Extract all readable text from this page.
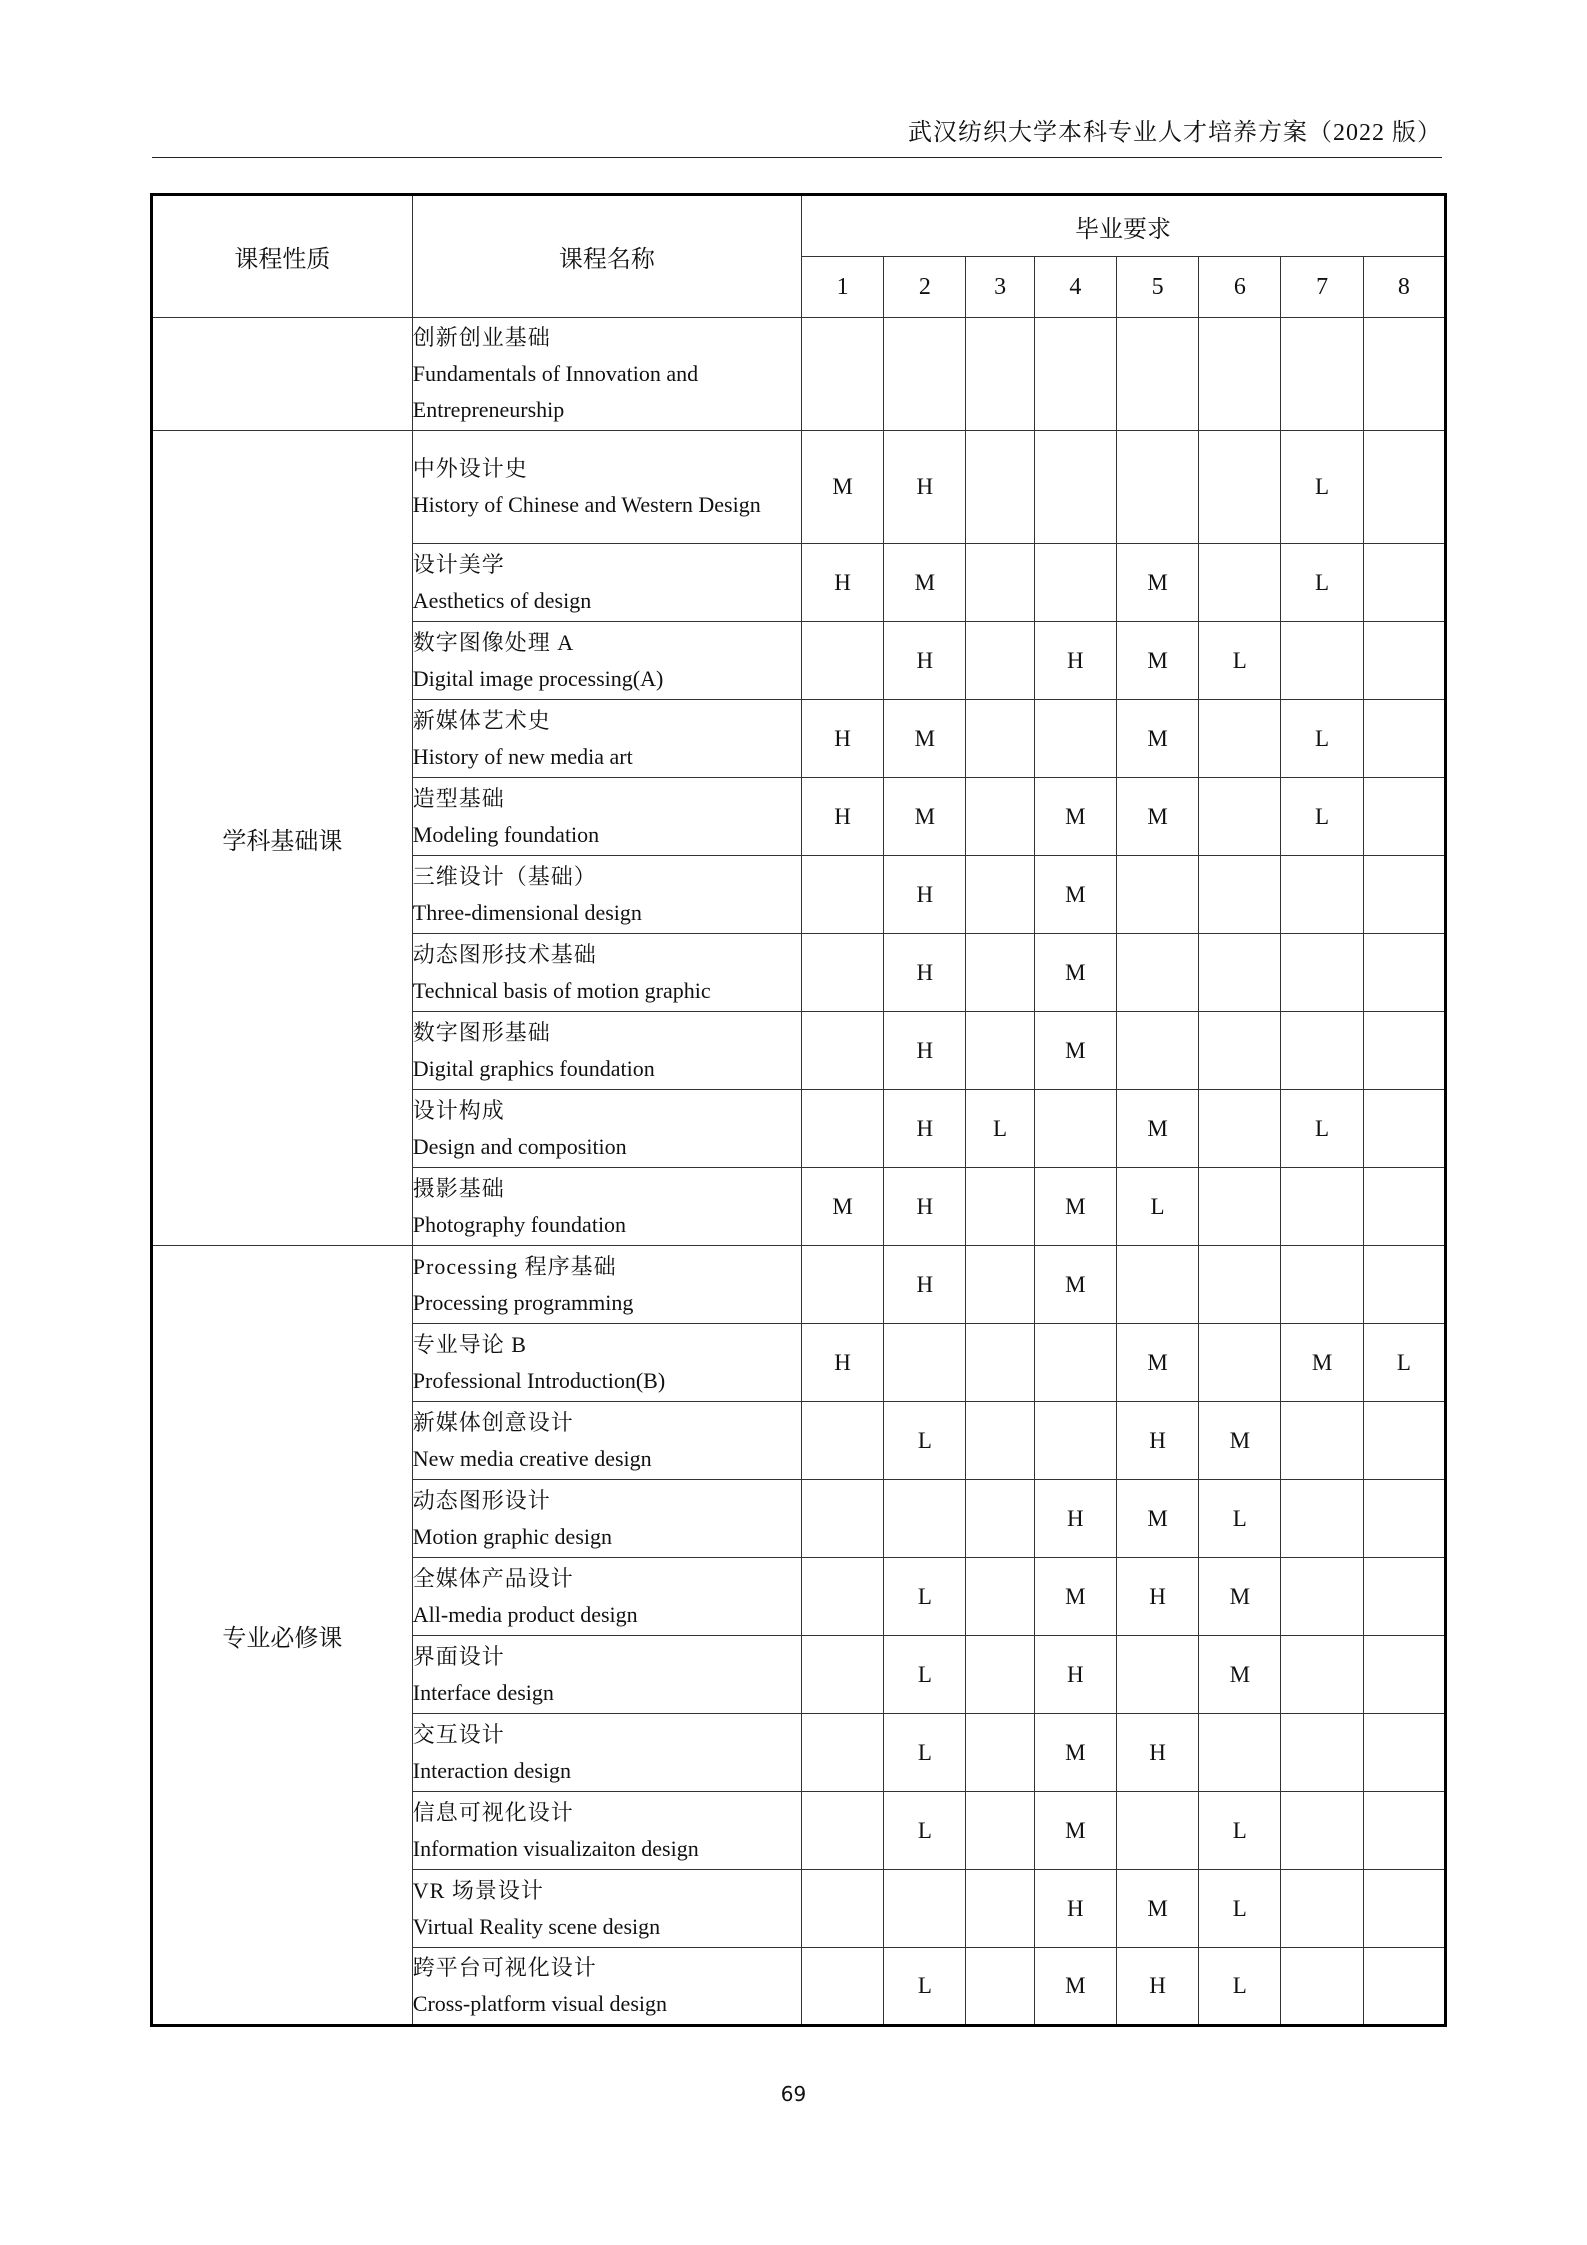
武汉纺织大学本科专业人才培养方案（2022 版）
课程性质	课程名称	毕业要求							
		1	2	3	4	5	6	7	8

	创新创业基础
Fundamentals of Innovation and Entrepreneurship								

学科基础课	中外设计史
History of Chinese and Western Design	M	H					L	

	设计美学
Aesthetics of design	H	M			M		L	

	数字图像处理 A
Digital image processing(A)		H		H	M	L		

	新媒体艺术史
History of new media art	H	M			M		L	

	造型基础
Modeling foundation	H	M		M	M		L	

	三维设计（基础）
Three-dimensional design		H		M				

	动态图形技术基础
Technical basis of motion graphic		H		M				

	数字图形基础
Digital graphics foundation		H		M				

	设计构成
Design and composition		H	L		M		L	

	摄影基础
Photography foundation	M	H		M	L			
专业必修课	Processing 程序基础
Processing programming		H		M				

	专业导论 B
Professional Introduction(B)	H				M		M	L

	新媒体创意设计
New media creative design		L			H	M		

	动态图形设计
Motion graphic design				H	M	L		

	全媒体产品设计
All-media product design		L		M	H	M		

	界面设计
Interface design		L		H		M		

	交互设计
Interaction design		L		M	H			

	信息可视化设计
Information visualizaiton design		L		M		L		

	VR 场景设计
Virtual Reality scene design				H	M	L		

	跨平台可视化设计
Cross-platform visual design		L		M	H	L		
69
